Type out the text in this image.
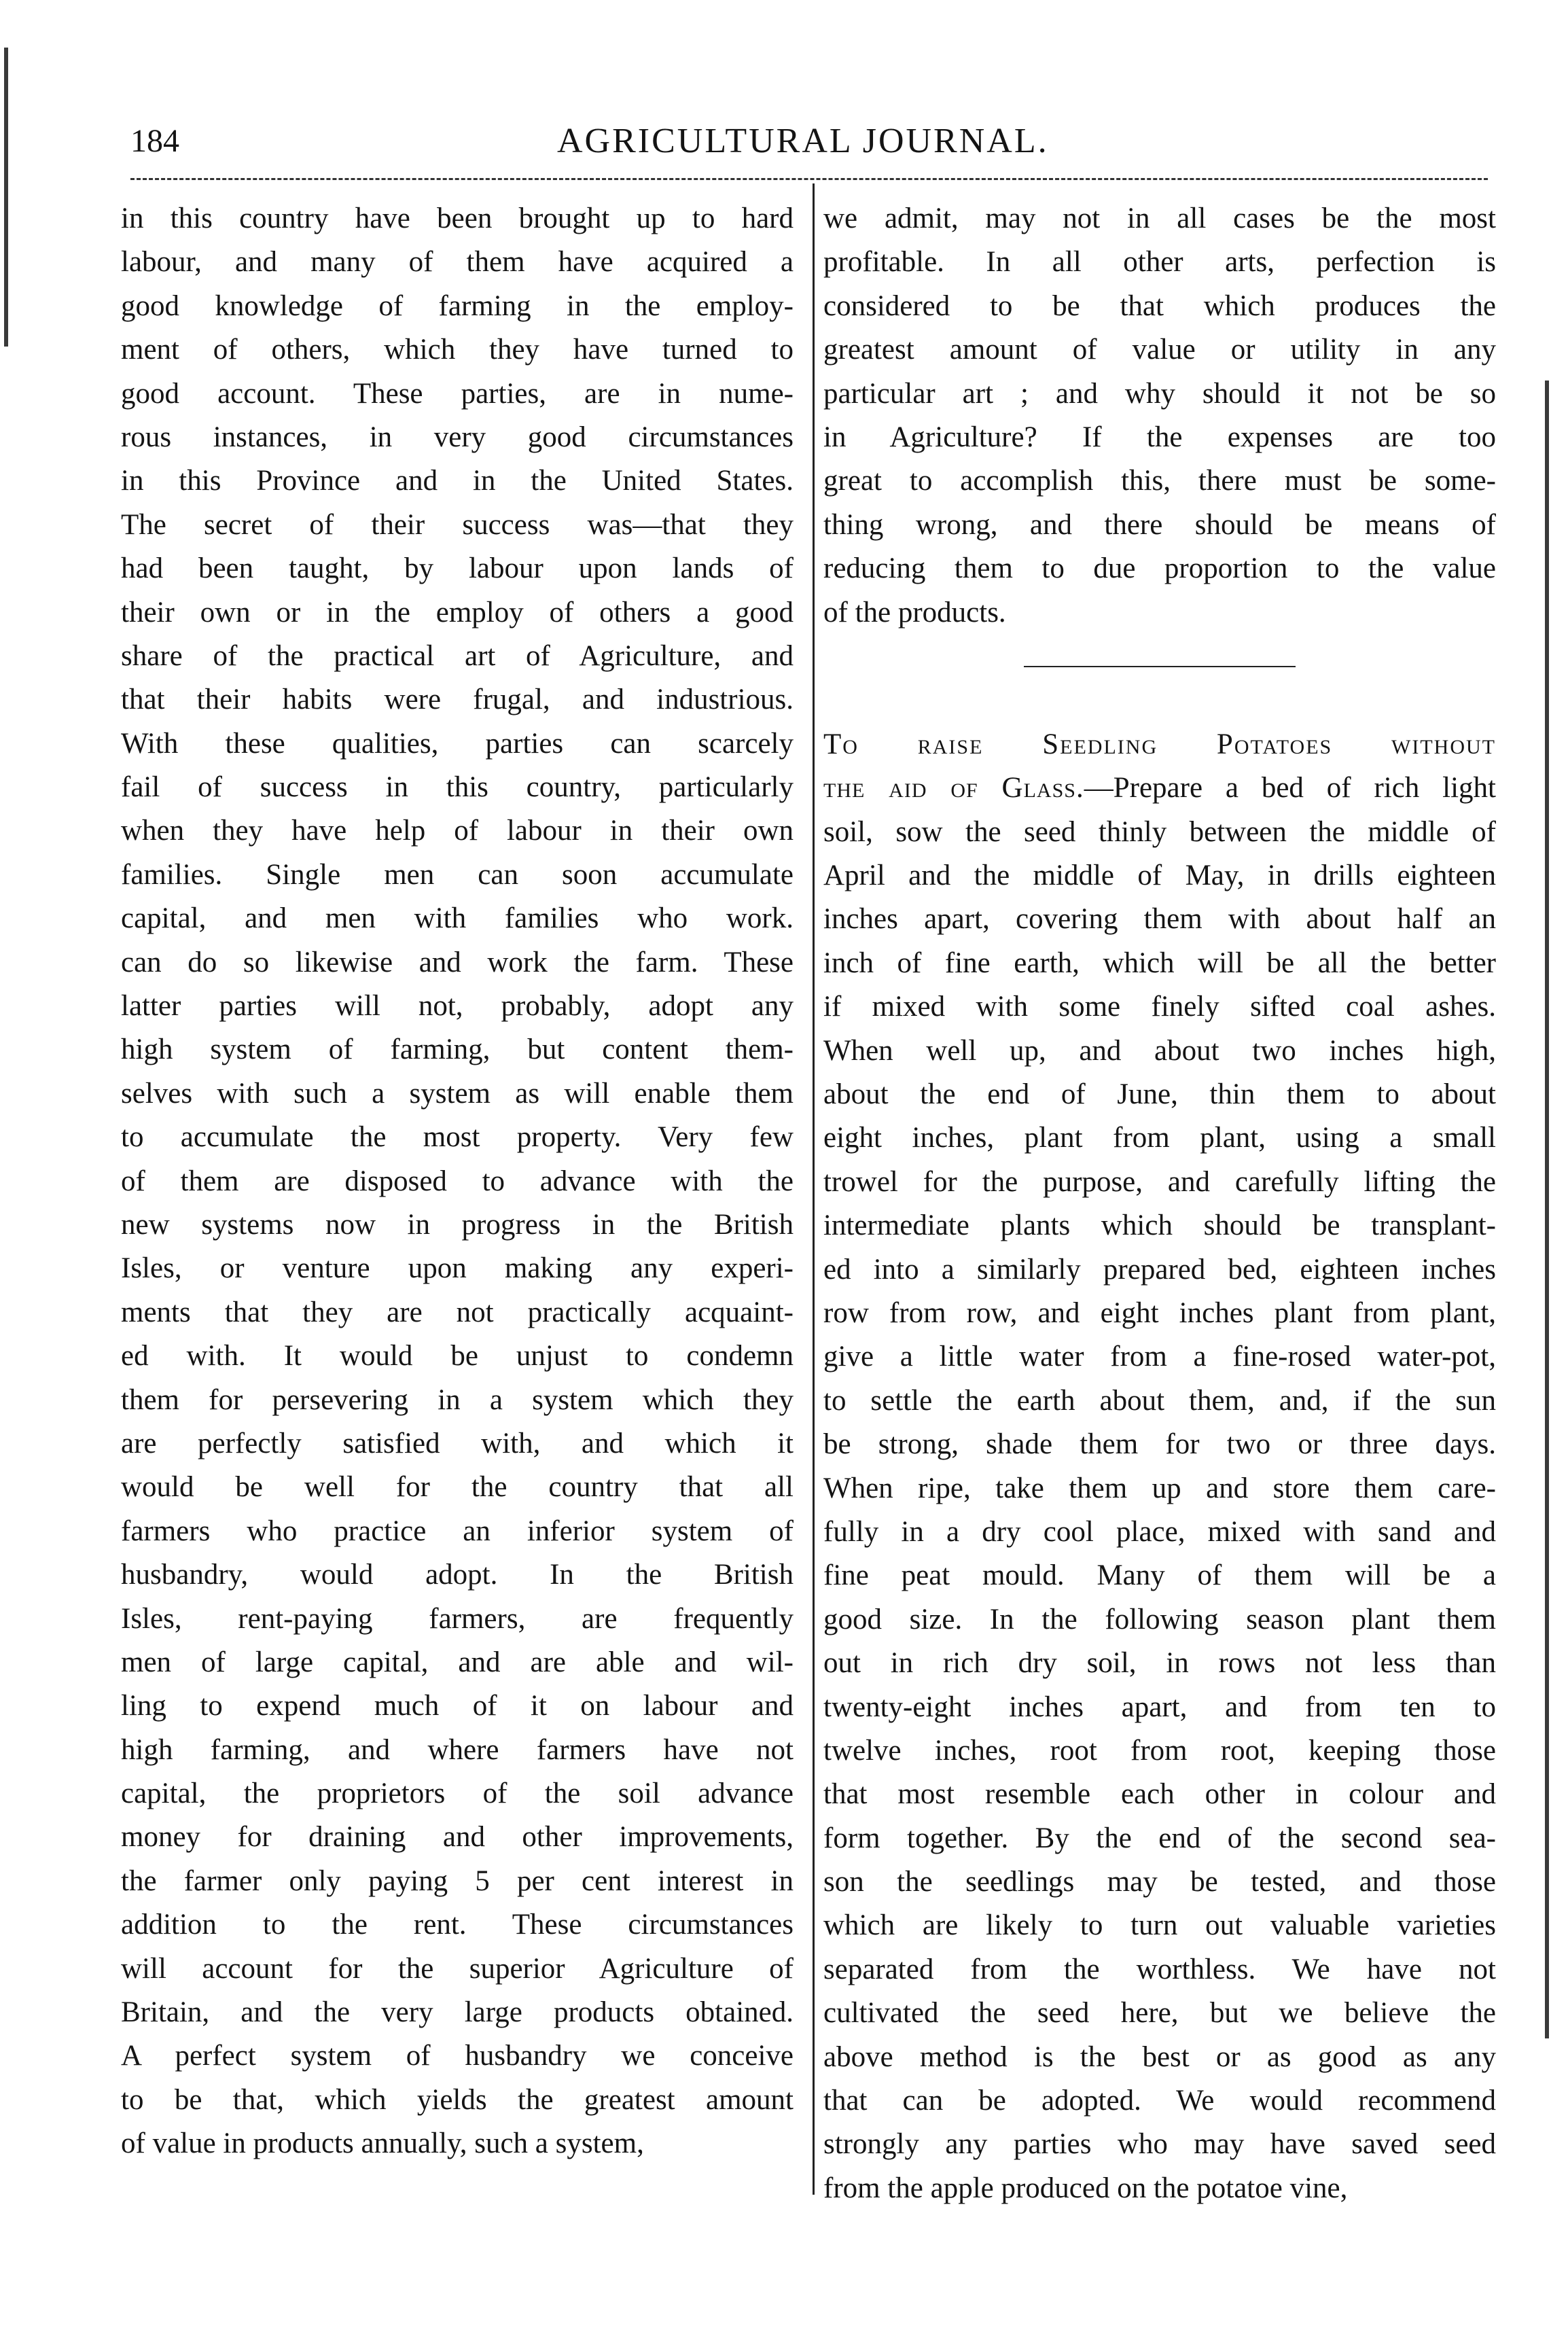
184	AGRICULTURAL JOURNAL.
in this country have been brought up to hard
labour, and many of them have acquired a
good knowledge of farming in the employ-
ment of others, which they have turned to
good account. These parties, are in nume-
rous instances, in very good circumstances
in this Province and in the United States.
The secret of their success was—that they
had been taught, by labour upon lands of
their own or in the employ of others a good
share of the practical art of Agriculture, and
that their habits were frugal, and industrious.
With these qualities, parties can scarcely
fail of success in this country, particularly
when they have help of labour in their own
families. Single men can soon accumulate
capital, and men with families who work.
can do so likewise and work the farm. These
latter parties will not, probably, adopt any
high system of farming, but content them-
selves with such a system as will enable them
to accumulate the most property. Very few
of them are disposed to advance with the
new systems now in progress in the British
Isles, or venture upon making any experi-
ments that they are not practically acquaint-
ed with. It would be unjust to condemn
them for persevering in a system which they
are perfectly satisfied with, and which it
would be well for the country that all
farmers who practice an inferior system of
husbandry, would adopt. In the British
Isles, rent-paying farmers, are frequently
men of large capital, and are able and wil-
ling to expend much of it on labour and
high farming, and where farmers have not
capital, the proprietors of the soil advance
money for draining and other improvements,
the farmer only paying 5 per cent interest in
addition to the rent. These circumstances
will account for the superior Agriculture of
Britain, and the very large products obtained.
A perfect system of husbandry we conceive
to be that, which yields the greatest amount
of value in products annually, such a system,
we admit, may not in all cases be the most
profitable. In all other arts, perfection is
considered to be that which produces the
greatest amount of value or utility in any
particular art ; and why should it not be so
in Agriculture? If the expenses are too
great to accomplish this, there must be some-
thing wrong, and there should be means of
reducing them to due proportion to the value
of the products.
To raise Seedling Potatoes without
the aid of Glass.—Prepare a bed of rich light
soil, sow the seed thinly between the middle of
April and the middle of May, in drills eighteen
inches apart, covering them with about half an
inch of fine earth, which will be all the better
if mixed with some finely sifted coal ashes.
When well up, and about two inches high,
about the end of June, thin them to about
eight inches, plant from plant, using a small
trowel for the purpose, and carefully lifting the
intermediate plants which should be transplant-
ed into a similarly prepared bed, eighteen inches
row from row, and eight inches plant from plant,
give a little water from a fine-rosed water-pot,
to settle the earth about them, and, if the sun
be strong, shade them for two or three days.
When ripe, take them up and store them care-
fully in a dry cool place, mixed with sand and
fine peat mould. Many of them will be a
good size. In the following season plant them
out in rich dry soil, in rows not less than
twenty-eight inches apart, and from ten to
twelve inches, root from root, keeping those
that most resemble each other in colour and
form together. By the end of the second sea-
son the seedlings may be tested, and those
which are likely to turn out valuable varieties
separated from the worthless. We have not
cultivated the seed here, but we believe the
above method is the best or as good as any
that can be adopted. We would recommend
strongly any parties who may have saved seed
from the apple produced on the potatoe vine,
